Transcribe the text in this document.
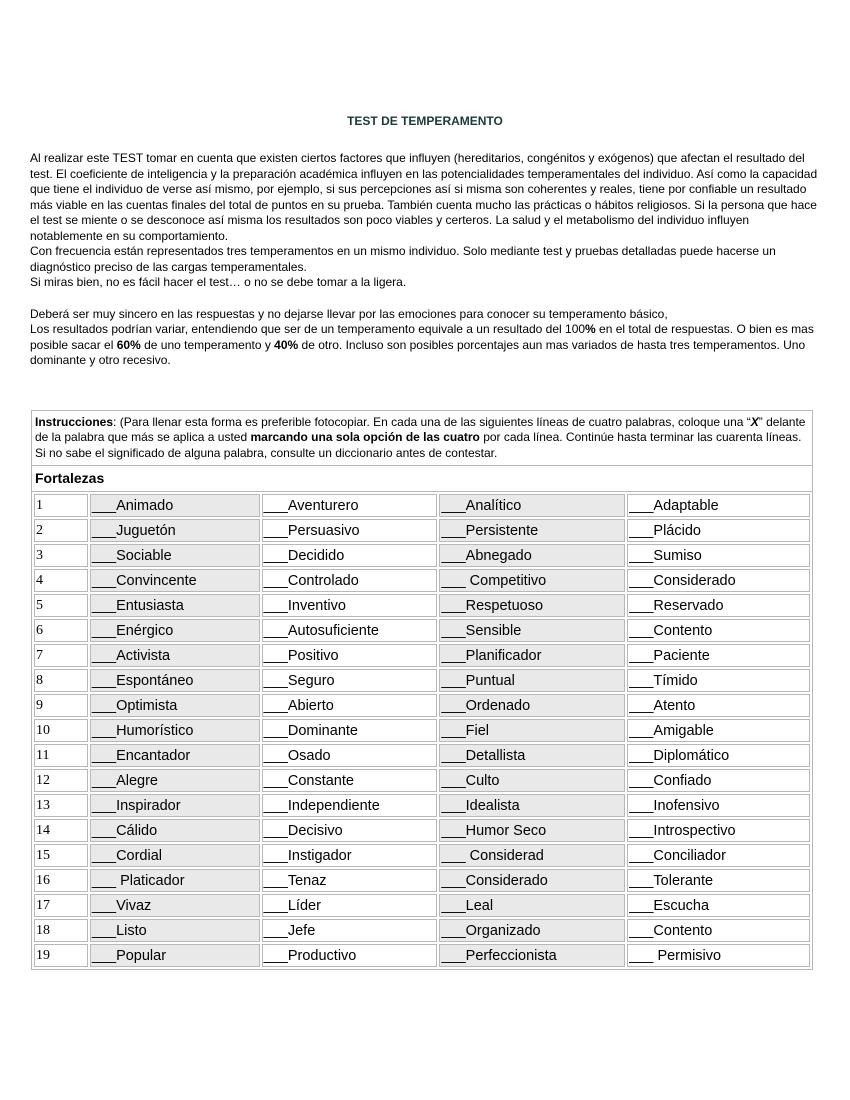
TEST DE TEMPERAMENTO

Al realizar este TEST tomar en cuenta que existen ciertos factores que influyen (hereditarios, congénitos y exógenos) que afectan el resultado del test. El coeficiente de inteligencia y la preparación académica influyen en las potencialidades temperamentales del individuo. Así como la capacidad que tiene el individuo de verse así mismo, por ejemplo, si sus percepciones así si misma son coherentes y reales, tiene por confiable un resultado más viable en las cuentas finales del total de puntos en su prueba. También cuenta mucho las prácticas o hábitos religiosos. Si la persona que hace el test se miente o se desconoce así misma los resultados son poco viables y certeros. La salud y el metabolismo del individuo influyen notablemente en su comportamiento.

Con frecuencia están representados tres temperamentos en un mismo individuo. Solo mediante test y pruebas detalladas puede hacerse un diagnóstico preciso de las cargas temperamentales.

Si miras bien, no es fácil hacer el test… o no se debe tomar a la ligera.

Deberá ser muy sincero en las respuestas y no dejarse llevar por las emociones para conocer su temperamento básico,

Los resultados podrían variar, entendiendo que ser de un temperamento equivale a un resultado del 100% en el total de respuestas. O bien es mas posible sacar el 60% de uno temperamento y 40% de otro. Incluso son posibles porcentajes aun mas variados de hasta tres temperamentos. Uno dominante y otro recesivo.

Instrucciones: (Para llenar esta forma es preferible fotocopiar. En cada una de las siguientes líneas de cuatro palabras, coloque una “X” delante de la palabra que más se aplica a usted marcando una sola opción de las cuatro por cada línea. Continúe hasta terminar las cuarenta líneas. Si no sabe el significado de alguna palabra, consulte un diccionario antes de contestar.
Fortalezas
1	___Animado	___Aventurero	___Analítico	___Adaptable
2	___Juguetón	___Persuasivo	___Persistente	___Plácido
3	___Sociable	___Decidido	___Abnegado	___Sumiso
4	___Convincente	___Controlado	___ Competitivo	___Considerado
5	___Entusiasta	___Inventivo	___Respetuoso	___Reservado
6	___Enérgico	___Autosuficiente	___Sensible	___Contento
7	___Activista	___Positivo	___Planificador	___Paciente
8	___Espontáneo	___Seguro	___Puntual	___Tímido
9	___Optimista	___Abierto	___Ordenado	___Atento
10	___Humorístico	___Dominante	___Fiel	___Amigable
11	___Encantador	___Osado	___Detallista	___Diplomático
12	___Alegre	___Constante	___Culto	___Confiado
13	___Inspirador	___Independiente	___Idealista	___Inofensivo
14	___Cálido	___Decisivo	___Humor Seco	___Introspectivo
15	___Cordial	___Instigador	___ Considerad	___Conciliador
16	___ Platicador	___Tenaz	___Considerado	___Tolerante
17	___Vivaz	___Líder	___Leal	___Escucha
18	___Listo	___Jefe	___Organizado	___Contento
19	___Popular	___Productivo	___Perfeccionista	___ Permisivo
